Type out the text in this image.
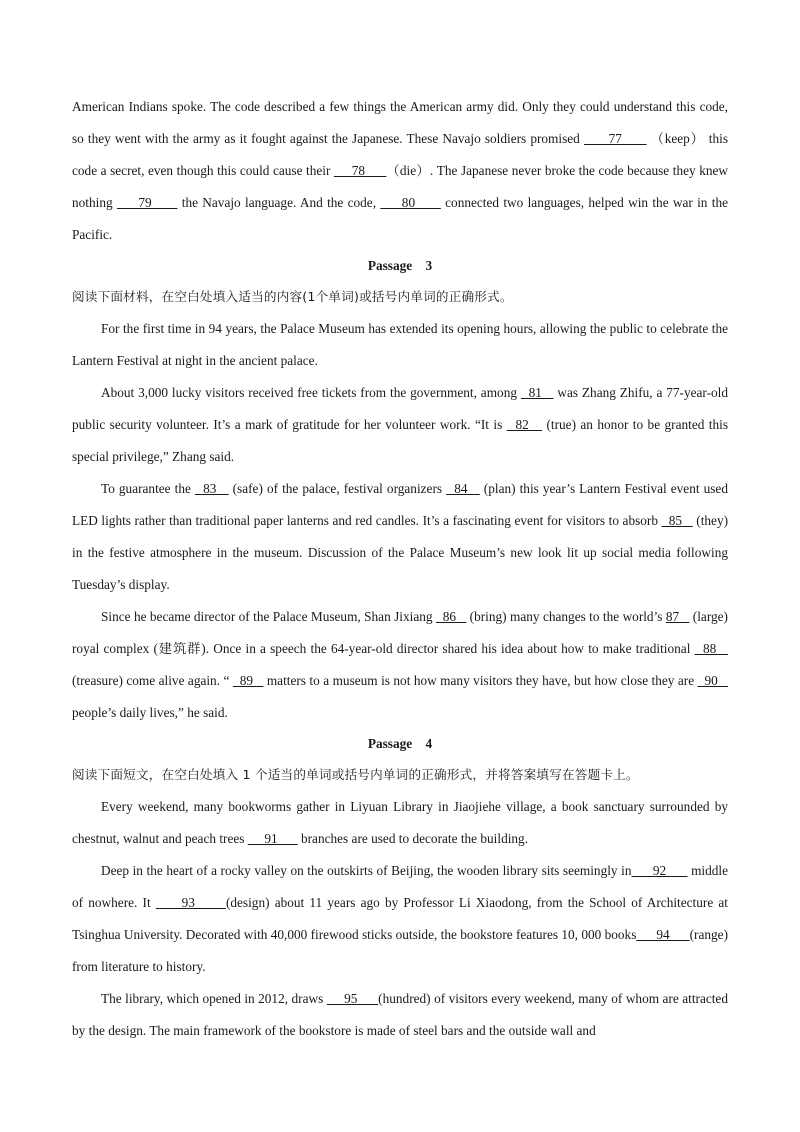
American Indians spoke. The code described a few things the American army did. Only they could understand this code, so they went with the army as it fought against the Japanese. These Navajo soldiers promised       77       （keep） this code a secret, even though this could cause their      78      （die）. The Japanese never broke the code because they knew nothing      79       the Navajo language. And the code,      80       connected two languages, helped win the war in the Pacific.

Passage 3

阅读下面材料，在空白处填入适当的内容(1个单词)或括号内单词的正确形式。

For the first time in 94 years, the Palace Museum has extended its opening hours, allowing the public to celebrate the Lantern Festival at night in the ancient palace.

About 3,000 lucky visitors received free tickets from the government, among   81    was Zhang Zhifu, a 77-year-old public security volunteer. It’s a mark of gratitude for her volunteer work. “It is   82    (true) an honor to be granted this special privilege,” Zhang said.

To guarantee the   83    (safe) of the palace, festival organizers   84    (plan) this year’s Lantern Festival event used LED lights rather than traditional paper lanterns and red candles. It’s a fascinating event for visitors to absorb   85    (they) in the festive atmosphere in the museum. Discussion of the Palace Museum’s new look lit up social media following Tuesday’s display.

Since he became director of the Palace Museum, Shan Jixiang   86    (bring) many changes to the world’s 87    (large) royal complex (建筑群). Once in a speech the 64-year-old director shared his idea about how to make traditional   88    (treasure) come alive again. “   89    matters to a museum is not how many visitors they have, but how close they are   90    people’s daily lives,” he said.

Passage 4

阅读下面短文，在空白处填入 1 个适当的单词或括号内单词的正确形式，并将答案填写在答题卡上。

Every weekend, many bookworms gather in Liyuan Library in Jiaojiehe village, a book sanctuary surrounded by chestnut, walnut and peach trees      91       branches are used to decorate the building.

Deep in the heart of a rocky valley on the outskirts of Beijing, the wooden library sits seemingly in      92       middle of nowhere. It      93      (design) about 11 years ago by Professor Li Xiaodong, from the School of Architecture at Tsinghua University. Decorated with 40,000 firewood sticks outside, the bookstore features 10, 000 books      94      (range) from literature to history.

The library, which opened in 2012, draws      95      (hundred) of visitors every weekend, many of whom are attracted by the design. The main framework of the bookstore is made of steel bars and the outside wall and
